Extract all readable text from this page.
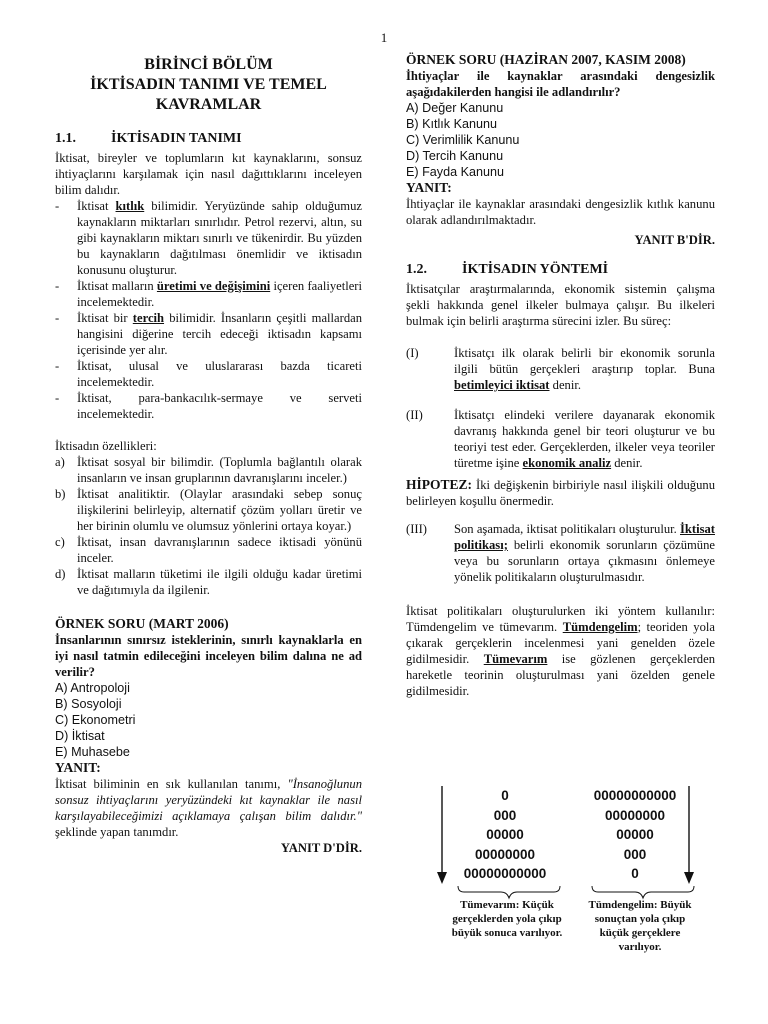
1
BİRİNCİ BÖLÜM
İKTİSADIN TANIMI VE TEMEL
KAVRAMLAR
1.1.	İKTİSADIN TANIMI

İktisat, bireyler ve toplumların kıt kaynaklarını, sonsuz ihtiyaçlarını karşılamak için nasıl dağıttıklarını inceleyen bilim dalıdır.

-	İktisat kıtlık bilimidir. Yeryüzünde sahip olduğumuz kaynakların miktarları sınırlıdır. Petrol rezervi, altın, su gibi kaynakların miktarı sınırlı ve tükenirdir. Bu yüzden bu kaynakların dağıtılması önemlidir ve iktisadın konusunu oluşturur.
-	İktisat malların üretimi ve değişimini içeren faaliyetleri incelemektedir.
-	İktisat bir tercih bilimidir. İnsanların çeşitli mallardan hangisini diğerine tercih edeceği iktisadın kapsamı içerisinde yer alır.
-	İktisat, ulusal ve uluslararası bazda ticareti incelemektedir.
-	İktisat, para-bankacılık-sermaye ve serveti incelemektedir.

İktisadın özellikleri:

a) İktisat sosyal bir bilimdir. (Toplumla bağlantılı olarak insanların ve insan gruplarının davranışlarını inceler.)
b) İktisat analitiktir. (Olaylar arasındaki sebep sonuç ilişkilerini belirleyip, alternatif çözüm yolları üretir ve her birinin olumlu ve olumsuz yönlerini ortaya koyar.)
c) İktisat, insan davranışlarının sadece iktisadi yönünü inceler.
d) İktisat malların tüketimi ile ilgili olduğu kadar üretimi ve dağıtımıyla da ilgilenir.
ÖRNEK SORU (MART 2006)
İnsanlarının sınırsız isteklerinin, sınırlı kaynaklarla en iyi nasıl tatmin edileceğini inceleyen bilim dalına ne ad verilir?
A) Antropoloji
B) Sosyoloji
C) Ekonometri
D) İktisat
E) Muhasebe
YANIT:

İktisat biliminin en sık kullanılan tanımı, "İnsanoğlunun sonsuz ihtiyaçlarını yeryüzündeki kıt kaynaklar ile nasıl karşılayabileceğimizi açıklamaya çalışan bilim dalıdır." şeklinde yapan tanımdır.

YANIT D'DİR.
ÖRNEK SORU (HAZİRAN 2007, KASIM 2008)
İhtiyaçlar ile kaynaklar arasındaki dengesizlik aşağıdakilerden hangisi ile adlandırılır?
A) Değer Kanunu
B) Kıtlık Kanunu
C) Verimlilik Kanunu
D) Tercih Kanunu
E) Fayda Kanunu
YANIT:

İhtiyaçlar ile kaynaklar arasındaki dengesizlik kıtlık kanunu olarak adlandırılmaktadır.

YANIT B'DİR.
1.2.	İKTİSADIN YÖNTEMİ

İktisatçılar araştırmalarında, ekonomik sistemin çalışma şekli hakkında genel ilkeler bulmaya çalışır. Bu ilkeleri bulmak için belirli araştırma sürecini izler. Bu süreç:

(I)	İktisatçı ilk olarak belirli bir ekonomik sorunla ilgili bütün gerçekleri araştırıp toplar. Buna betimleyici iktisat denir.
(II)	İktisatçı elindeki verilere dayanarak ekonomik davranış hakkında genel bir teori oluşturur ve bu teoriyi test eder. Gerçeklerden, ilkeler veya teoriler türetme işine ekonomik analiz denir.

HİPOTEZ: İki değişkenin birbiriyle nasıl ilişkili olduğunu belirleyen koşullu önermedir.

(III)	Son aşamada, iktisat politikaları oluşturulur. İktisat politikası; belirli ekonomik sorunların çözümüne veya bu sorunların ortaya çıkmasını önlemeye yönelik politikaların oluşturulmasıdır.

İktisat politikaları oluşturulurken iki yöntem kullanılır: Tümdengelim ve tümevarım. Tümdengelim; teoriden yola çıkarak gerçeklerin incelenmesi yani genelden özele gidilmesidir. Tümevarım ise gözlenen gerçeklerden hareketle teorinin oluşturulması yani özelden genele gidilmesidir.

0
000
00000
00000000
00000000000
00000000000
00000000
00000
000
0
Tümevarım: Küçük gerçeklerden yola çıkıp büyük sonuca varılıyor.
Tümdengelim: Büyük sonuçtan yola çıkıp küçük gerçeklere varılıyor.
